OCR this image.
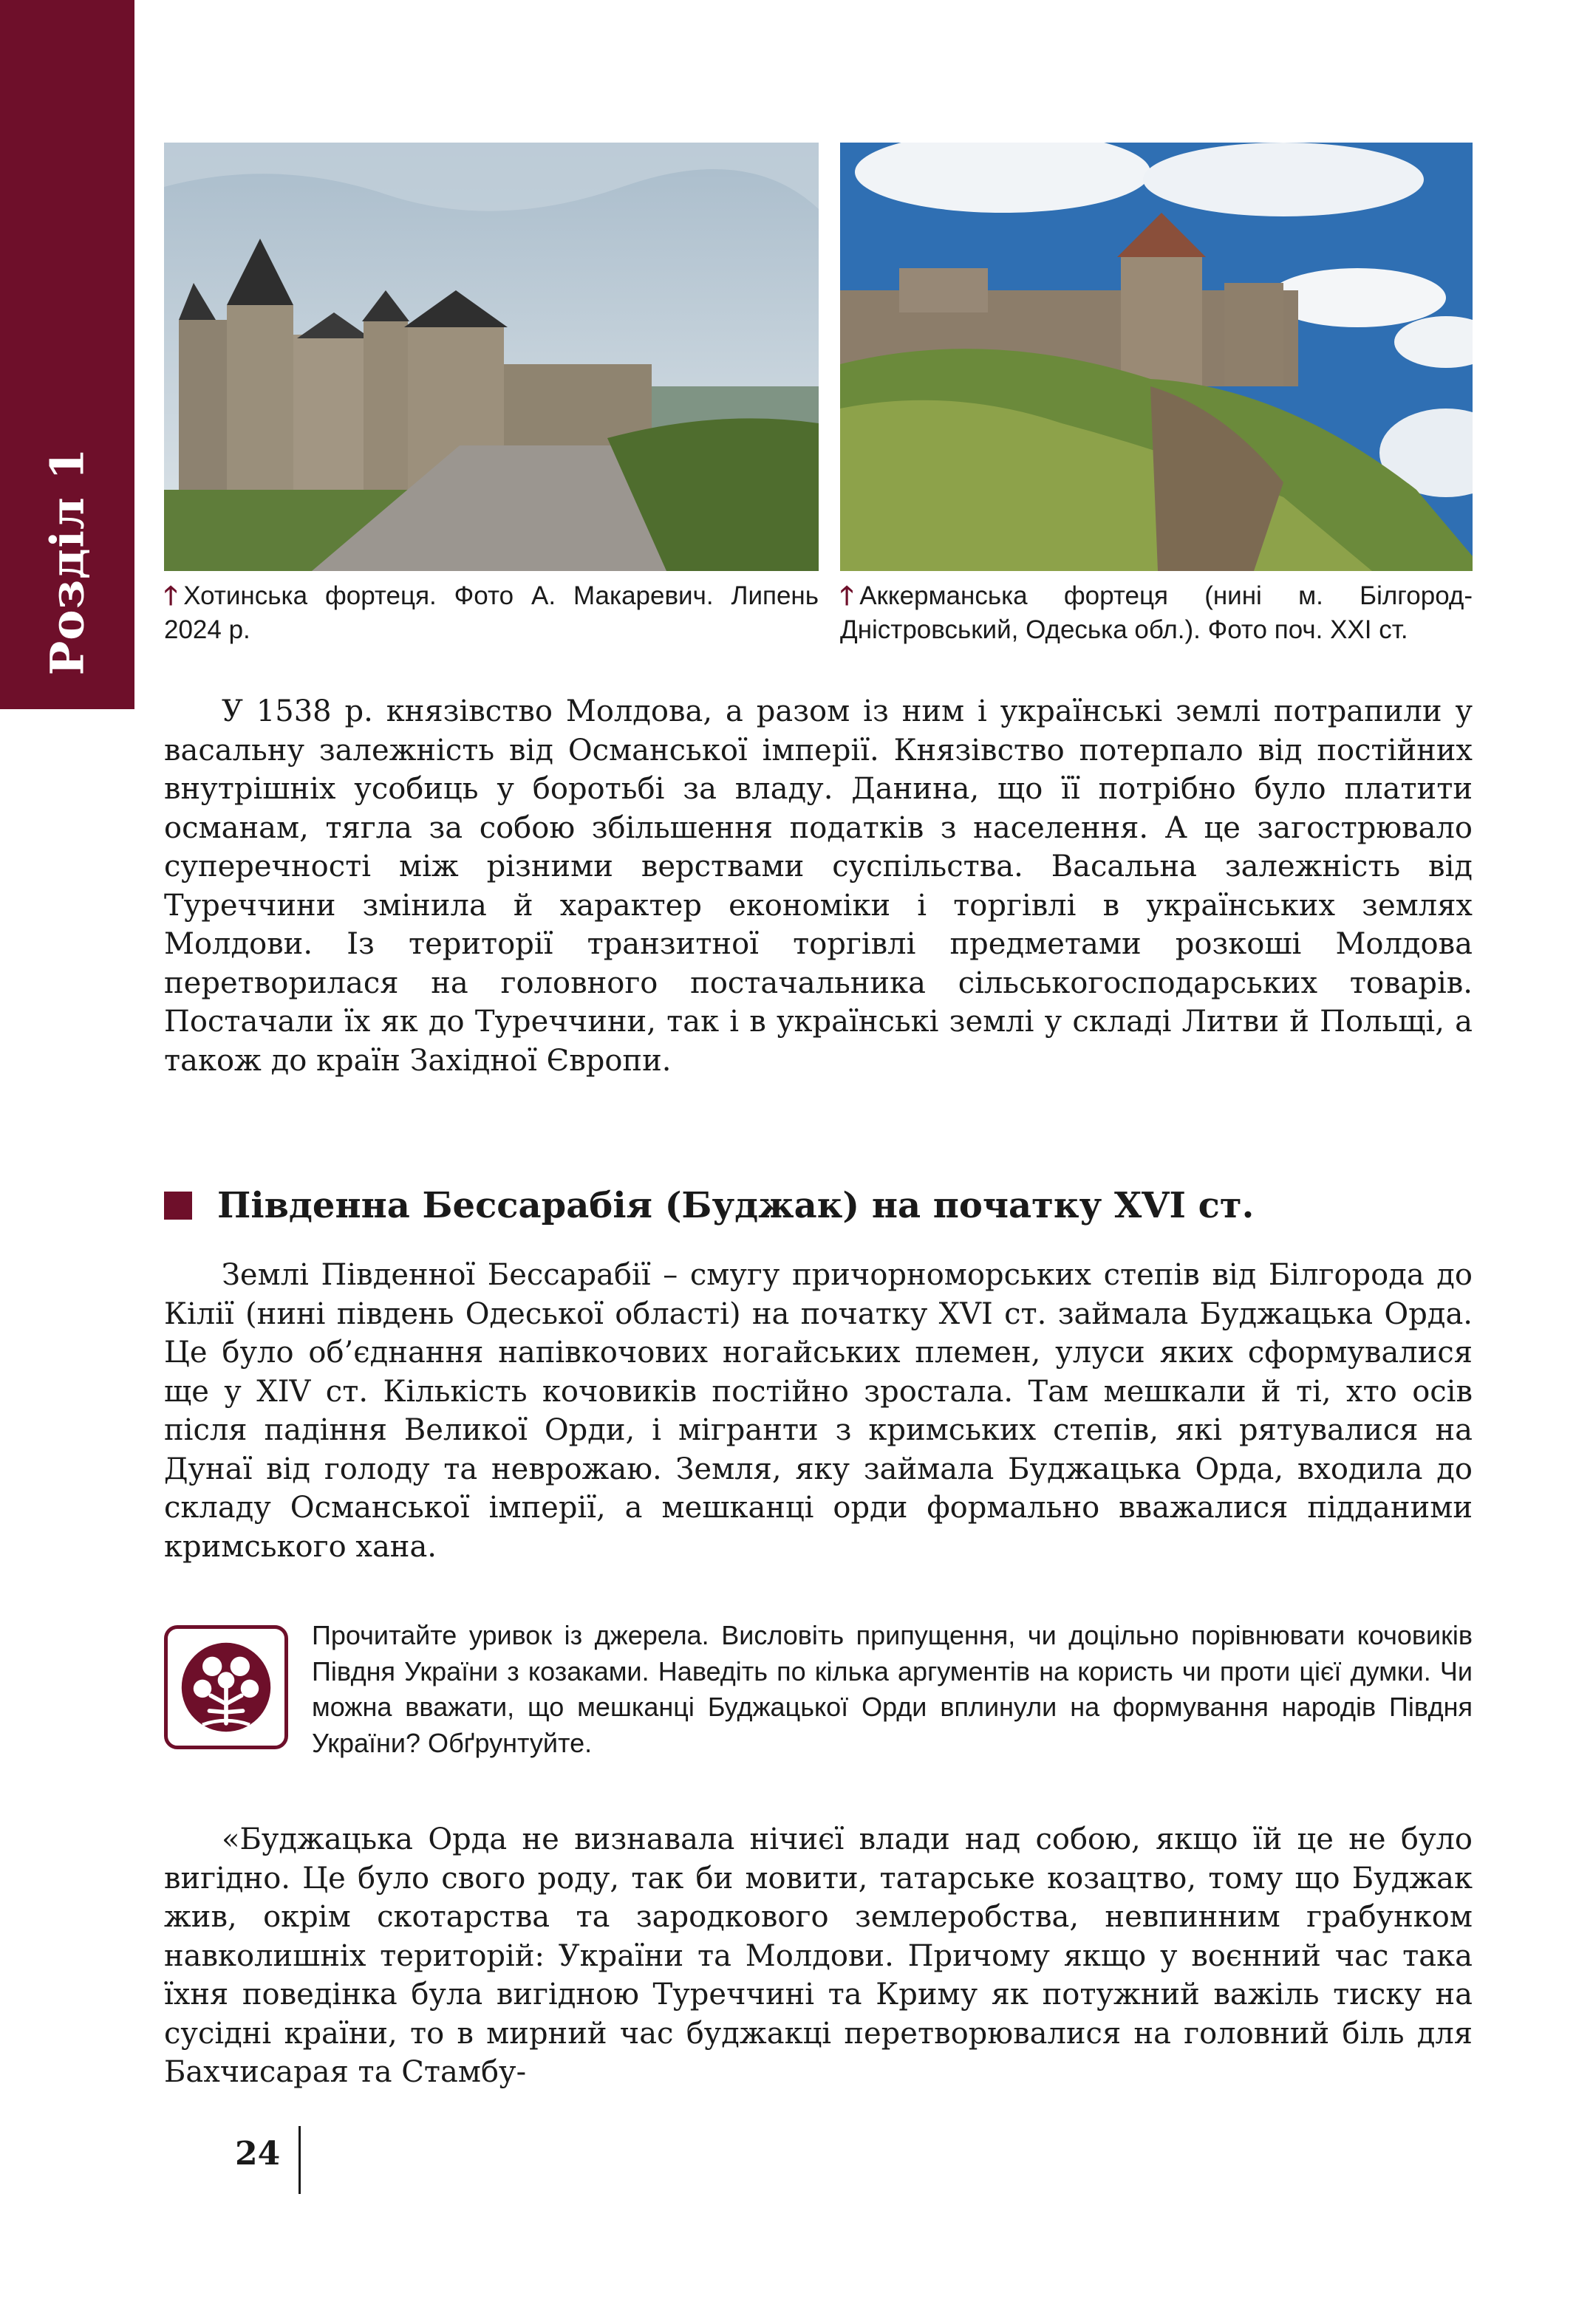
Розділ 1	🡑 Хотинська фортеця. Фото А. Макаревич. Липень 2024 р.
🡑 Аккерманська фортеця (нині м. Білгород-Дністровський, Одеська обл.). Фото поч. XXI ст.

У 1538 р. князівство Молдова, а разом із ним і українські землі потрапили у васальну залежність від Османської імперії. Князівство потерпало від постійних внутрішніх усобиць у боротьбі за владу. Данина, що її потрібно було платити османам, тягла за собою збільшення податків з населення. А це загострювало суперечності між різними верствами суспільства. Васальна залежність від Туреччини змінила й характер економіки і торгівлі в українських землях Молдови. Із території транзитної торгівлі предметами розкоші Молдова перетворилася на головного постачальника сільськогосподарських товарів. Постачали їх як до Туреччини, так і в українські землі у складі Литви й Польщі, а також до країн Західної Європи.

Південна Бессарабія (Буджак) на початку XVI ст.

Землі Південної Бессарабії – смугу причорноморських степів від Білгорода до Кілії (нині південь Одеської області) на початку XVI ст. займала Буджацька Орда. Це було об’єднання напівкочових ногайських племен, улуси яких сформувалися ще у XIV ст. Кількість кочовиків постійно зростала. Там мешкали й ті, хто осів після падіння Великої Орди, і мігранти з кримських степів, які рятувалися на Дунаї від голоду та неврожаю. Земля, яку займала Буджацька Орда, входила до складу Османської імперії, а мешканці орди формально вважалися підданими кримського хана.

Прочитайте уривок із джерела. Висловіть припущення, чи доцільно порівнювати кочовиків Півдня України з козаками. Наведіть по кілька аргументів на користь чи проти цієї думки. Чи можна вважати, що мешканці Буджацької Орди вплинули на формування народів Півдня України? Обґрунтуйте.

«Буджацька Орда не визнавала нічиєї влади над собою, якщо їй це не було вигідно. Це було свого роду, так би мовити, татарське козацтво, тому що Буджак жив, окрім скотарства та зародкового землеробства, невпинним грабунком навколишніх територій: України та Молдови. Причому якщо у воєнний час така їхня поведінка була вигідною Туреччині та Криму як потужний важіль тиску на сусідні країни, то в мирний час буджакці перетворювалися на головний біль для Бахчисарая та Стамбу-

24
